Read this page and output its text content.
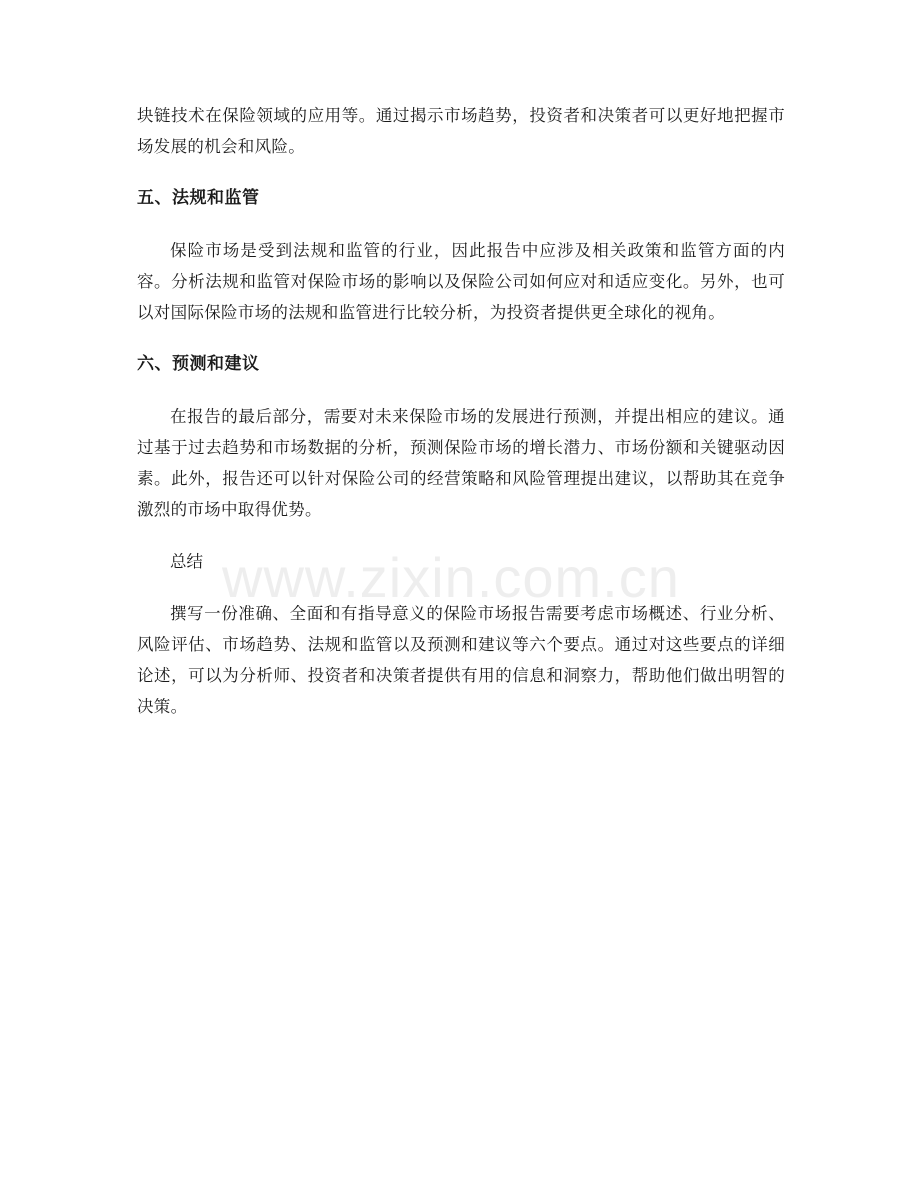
块链技术在保险领域的应用等。通过揭示市场趋势，投资者和决策者可以更好地把握市场发展的机会和风险。

五、法规和监管

保险市场是受到法规和监管的行业，因此报告中应涉及相关政策和监管方面的内容。分析法规和监管对保险市场的影响以及保险公司如何应对和适应变化。另外，也可以对国际保险市场的法规和监管进行比较分析，为投资者提供更全球化的视角。

六、预测和建议

在报告的最后部分，需要对未来保险市场的发展进行预测，并提出相应的建议。通过基于过去趋势和市场数据的分析，预测保险市场的增长潜力、市场份额和关键驱动因素。此外，报告还可以针对保险公司的经营策略和风险管理提出建议，以帮助其在竞争激烈的市场中取得优势。

总结

撰写一份准确、全面和有指导意义的保险市场报告需要考虑市场概述、行业分析、风险评估、市场趋势、法规和监管以及预测和建议等六个要点。通过对这些要点的详细论述，可以为分析师、投资者和决策者提供有用的信息和洞察力，帮助他们做出明智的决策。

www.zixin.com.cn
